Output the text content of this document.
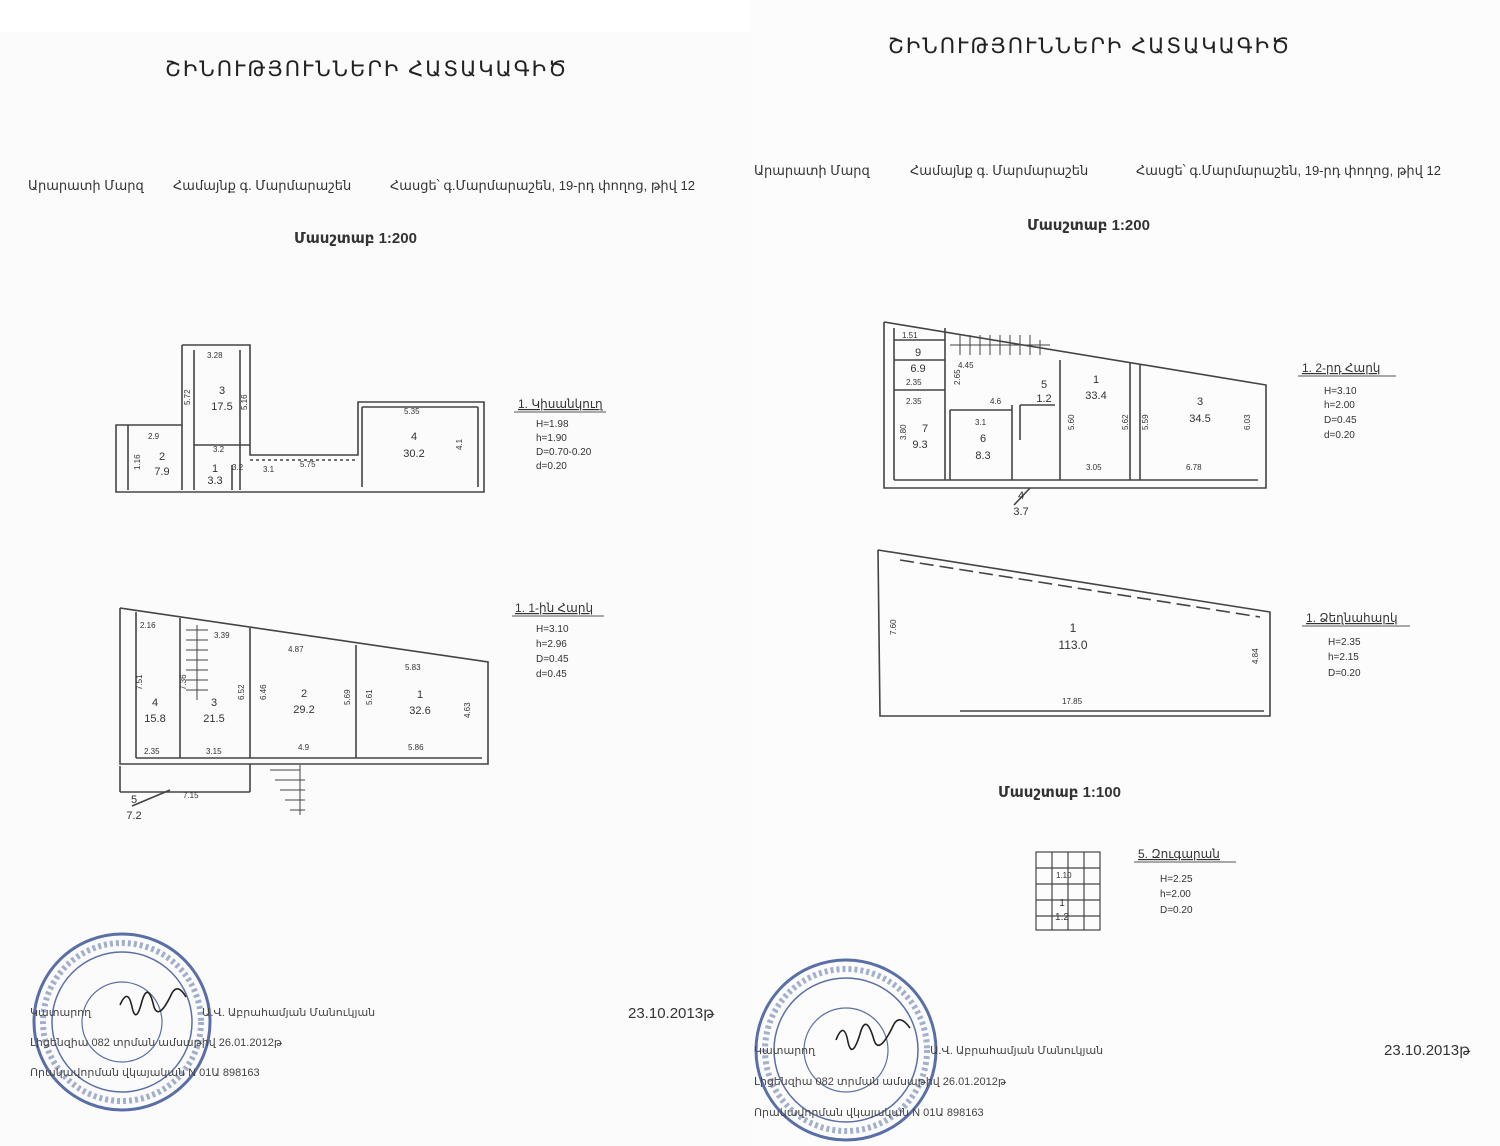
ՇԻՆՈՒԹՅՈՒՆՆԵՐԻ ՀԱՏԱԿԱԳԻԾ
Արարատի Մարզ Համայնք գ. Մարմարաշեն	Հասցե՝ գ.Մարմարաշեն, 19-րդ փողոց, թիվ 12
Մասշտաբ 1:200
3
17.5
2
7.9	1
3.3
4
30.2
3.28
5.72	5.16
2.9
3.2
3.2
1.16	3.1
5.35
5.75
4.1
1. Կիսանկուղ
H=1.98
h=1.90
D=0.70-0.20
d=0.20
4
15.8
3
21.5
2
29.2
1
32.6
5
7.2
2.16
3.39
4.87
5.83
7.51	7.36
6.52 6.46	5.69 5.61
4.63
2.35	3.15	4.9	5.86
7.15
1. 1-ին Հարկ
H=3.10
h=2.96
D=0.45
d=0.45
Կատարող	Ա.Վ. Աբրահամյան Մանուկյան
Լիցենզիա 082 տրման ամսաթիվ 26.01.2012թ
Որակավորման վկայական N 01Ա 898163
23.10.2013թ
ՇԻՆՈՒԹՅՈՒՆՆԵՐԻ ՀԱՏԱԿԱԳԻԾ
Արարատի Մարզ	Համայնք գ. Մարմարաշեն	Հասցե՝ գ.Մարմարաշեն, 19-րդ փողոց, թիվ 12
Մասշտաբ 1:200
1
33.4	3
34.5
7
9.3	6
8.3
5
1.2
9
6.9
4
3.7
1.51
4.45
2.35
2.35	4.6
3.1	5.60	5.59	6.03
5.62
3.05	6.78
3.80
2.65
1. 2-րդ Հարկ
H=3.10
h=2.00
D=0.45
d=0.20
1
113.0
7.60
17.85
4.84
1. Ձեղնահարկ
H=2.35
h=2.15
D=0.20
1
1.2
1.10
5. Զուգարան
H=2.25
h=2.00
D=0.20
Մասշտաբ 1:100
Կատարող	Ա.Վ. Աբրահամյան Մանուկյան
Լիցենզիա 082 տրման ամսաթիվ 26.01.2012թ
Որակավորման վկայական N 01Ա 898163
23.10.2013թ
